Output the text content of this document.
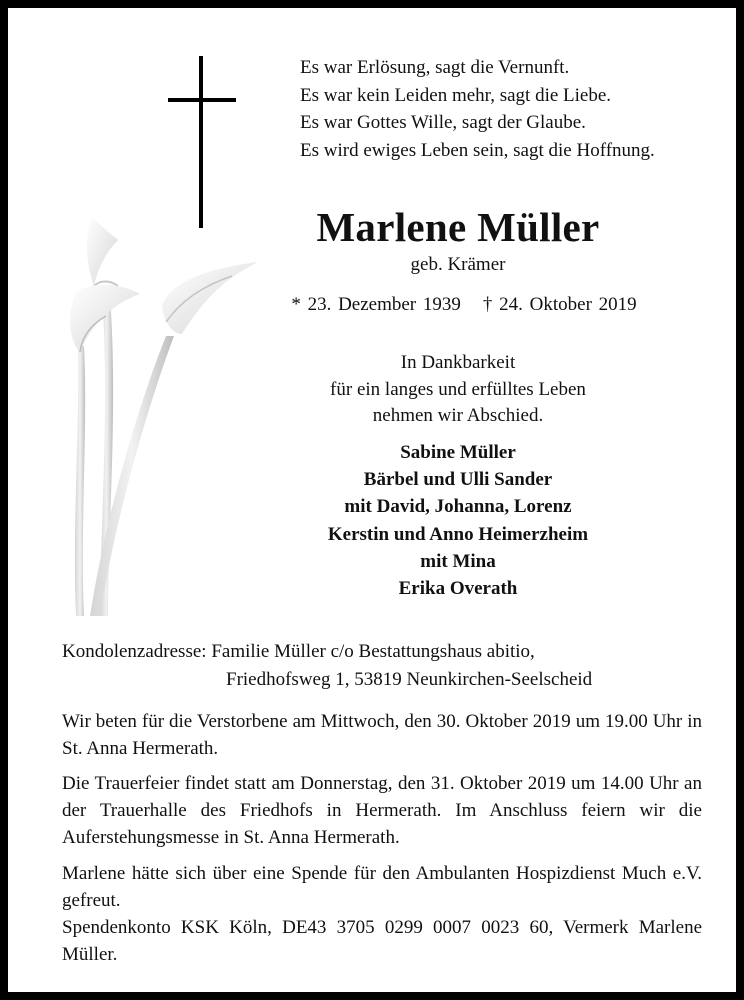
Es war Erlösung, sagt die Vernunft.
Es war kein Leiden mehr, sagt die Liebe.
Es war Gottes Wille, sagt der Glaube.
Es wird ewiges Leben sein, sagt die Hoffnung.
Marlene Müller
geb. Krämer
* 23. Dezember 1939 † 24. Oktober 2019
In Dankbarkeit
für ein langes und erfülltes Leben
nehmen wir Abschied.
Sabine Müller
Bärbel und Ulli Sander
mit David, Johanna, Lorenz
Kerstin und Anno Heimerzheim
mit Mina
Erika Overath
Kondolenzadresse: Familie Müller c/o Bestattungshaus abitio,
Friedhofsweg 1, 53819 Neunkirchen-Seelscheid
Wir beten für die Verstorbene am Mittwoch, den 30. Oktober 2019 um 19.00 Uhr in St. Anna Hermerath.
Die Trauerfeier findet statt am Donnerstag, den 31. Oktober 2019 um 14.00 Uhr an der Trauerhalle des Friedhofs in Hermerath. Im Anschluss feiern wir die Auferstehungsmesse in St. Anna Hermerath.
Marlene hätte sich über eine Spende für den Ambulanten Hospizdienst Much e.V. gefreut.
Spendenkonto KSK Köln, DE43 3705 0299 0007 0023 60, Vermerk Marlene Müller.
